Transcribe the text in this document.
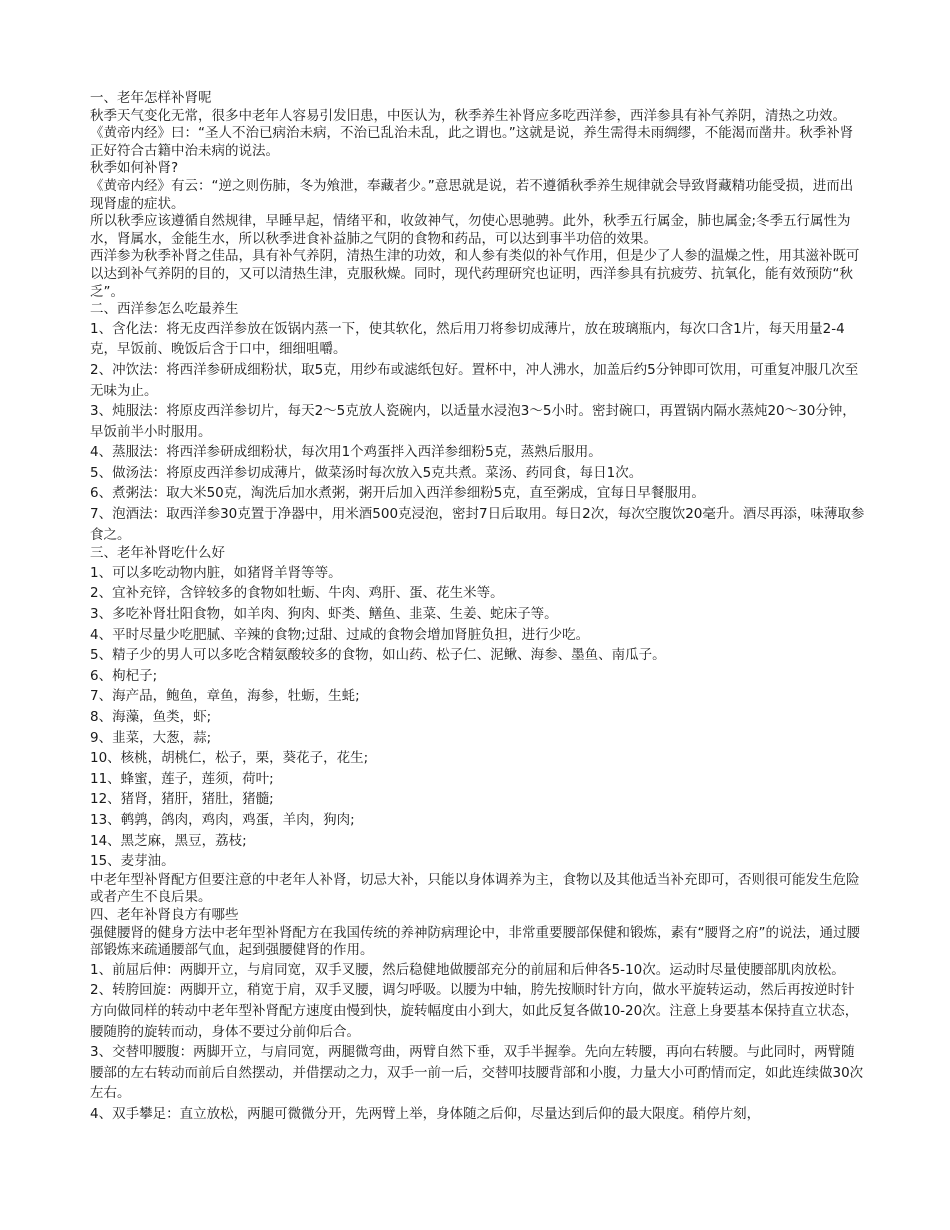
一、老年怎样补肾呢

秋季天气变化无常，很多中老年人容易引发旧患，中医认为，秋季养生补肾应多吃西洋参，西洋参具有补气养阴，清热之功效。

《黄帝内经》曰：“圣人不治已病治未病，不治已乱治未乱，此之谓也。”这就是说，养生需得未雨绸缪，不能渴而凿井。秋季补肾正好符合古籍中治未病的说法。

秋季如何补肾?

《黄帝内经》有云：“逆之则伤肺，冬为飧泄，奉藏者少。”意思就是说，若不遵循秋季养生规律就会导致肾藏精功能受损，进而出现肾虚的症状。

所以秋季应该遵循自然规律，早睡早起，情绪平和，收敛神气，勿使心思驰骋。此外，秋季五行属金，肺也属金;冬季五行属性为水，肾属水，金能生水，所以秋季进食补益肺之气阴的食物和药品，可以达到事半功倍的效果。

西洋参为秋季补肾之佳品，具有补气养阴，清热生津的功效，和人参有类似的补气作用，但是少了人参的温燥之性，用其滋补既可以达到补气养阴的目的，又可以清热生津，克服秋燥。同时，现代药理研究也证明，西洋参具有抗疲劳、抗氧化，能有效预防“秋乏”。

二、西洋参怎么吃最养生

1、含化法：将无皮西洋参放在饭锅内蒸一下，使其软化，然后用刀将参切成薄片，放在玻璃瓶内，每次口含1片，每天用量2-4克，早饭前、晚饭后含于口中，细细咀嚼。

2、冲饮法：将西洋参研成细粉状，取5克，用纱布或滤纸包好。置杯中，冲人沸水，加盖后约5分钟即可饮用，可重复冲服几次至无味为止。

3、炖服法：将原皮西洋参切片，每天2～5克放人瓷碗内，以适量水浸泡3～5小时。密封碗口，再置锅内隔水蒸炖20～30分钟，早饭前半小时服用。

4、蒸服法：将西洋参研成细粉状，每次用1个鸡蛋拌入西洋参细粉5克，蒸熟后服用。

5、做汤法：将原皮西洋参切成薄片，做菜汤时每次放入5克共煮。菜汤、药同食，每日1次。

6、煮粥法：取大米50克，淘洗后加水煮粥，粥开后加入西洋参细粉5克，直至粥成，宜每日早餐服用。

7、泡酒法：取西洋参30克置于净器中，用米酒500克浸泡，密封7日后取用。每日2次，每次空腹饮20毫升。酒尽再添，味薄取参食之。

三、老年补肾吃什么好

1、可以多吃动物内脏，如猪肾羊肾等等。

2、宜补充锌，含锌较多的食物如牡蛎、牛肉、鸡肝、蛋、花生米等。

3、多吃补肾壮阳食物，如羊肉、狗肉、虾类、鳝鱼、韭菜、生姜、蛇床子等。

4、平时尽量少吃肥腻、辛辣的食物;过甜、过咸的食物会增加肾脏负担，进行少吃。

5、精子少的男人可以多吃含精氨酸较多的食物，如山药、松子仁、泥鳅、海参、墨鱼、南瓜子。

6、枸杞子;

7、海产品，鲍鱼，章鱼，海参，牡蛎，生蚝;

8、海藻，鱼类，虾;

9、韭菜，大葱，蒜;

10、核桃，胡桃仁，松子，栗，葵花子，花生;

11、蜂蜜，莲子，莲须，荷叶;

12、猪肾，猪肝，猪肚，猪髓;

13、鹌鹑，鸽肉，鸡肉，鸡蛋，羊肉，狗肉;

14、黑芝麻，黑豆，荔枝;

15、麦芽油。

中老年型补肾配方但要注意的中老年人补肾，切忌大补，只能以身体调养为主，食物以及其他适当补充即可，否则很可能发生危险或者产生不良后果。

四、老年补肾良方有哪些

强健腰肾的健身方法中老年型补肾配方在我国传统的养神防病理论中，非常重要腰部保健和锻炼，素有“腰肾之府”的说法，通过腰部锻炼来疏通腰部气血，起到强腰健肾的作用。

1、前屈后伸：两脚开立，与肩同宽，双手叉腰，然后稳健地做腰部充分的前屈和后伸各5-10次。运动时尽量使腰部肌肉放松。

2、转胯回旋：两脚开立，稍宽于肩，双手叉腰，调匀呼吸。以腰为中轴，胯先按顺时针方向，做水平旋转运动，然后再按逆时针方向做同样的转动中老年型补肾配方速度由慢到快，旋转幅度由小到大，如此反复各做10-20次。注意上身要基本保持直立状态，腰随胯的旋转而动，身体不要过分前仰后合。

3、交替叩腰腹：两脚开立，与肩同宽，两腿微弯曲，两臂自然下垂，双手半握拳。先向左转腰，再向右转腰。与此同时，两臂随腰部的左右转动而前后自然摆动，并借摆动之力，双手一前一后，交替叩技腰背部和小腹，力量大小可酌情而定，如此连续做30次左右。

4、双手攀足：直立放松，两腿可微微分开，先两臂上举，身体随之后仰，尽量达到后仰的最大限度。稍停片刻，
